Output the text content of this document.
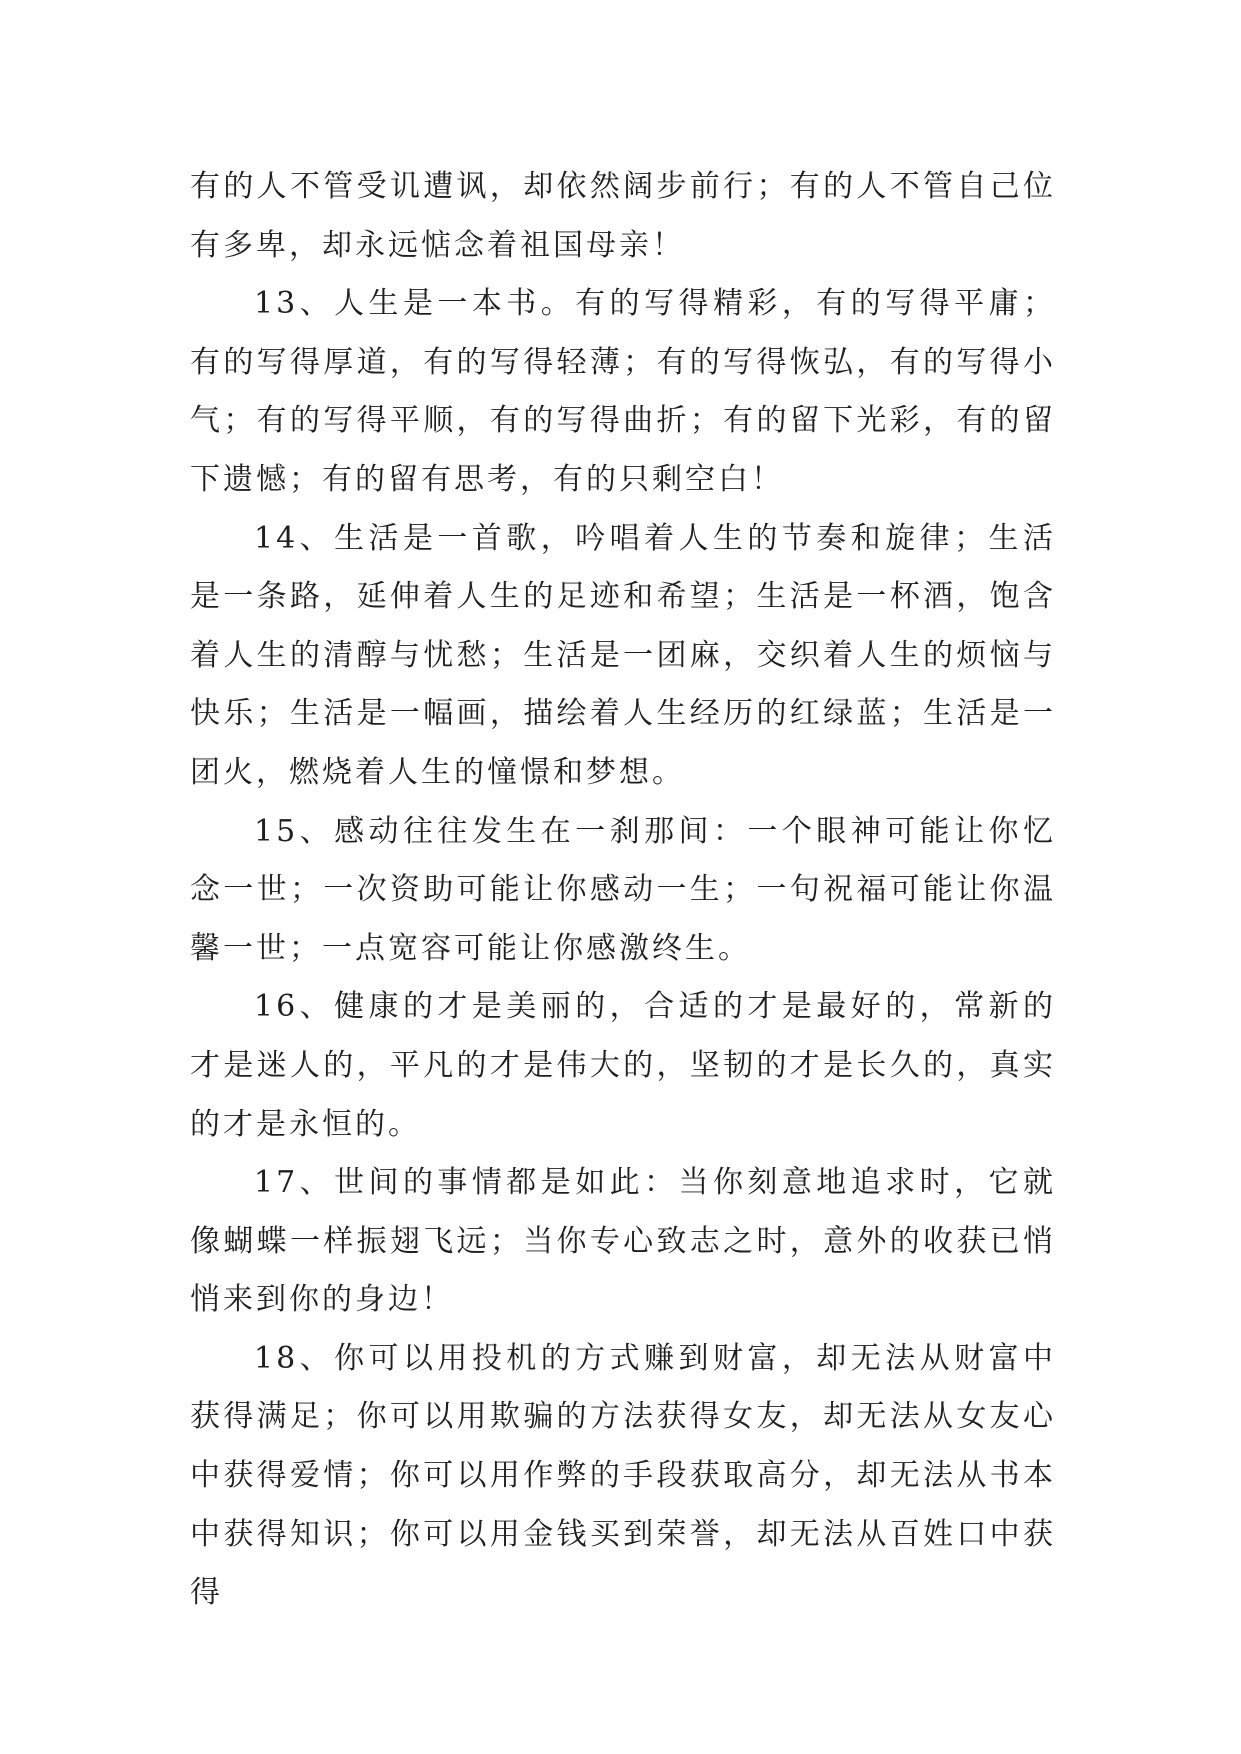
有的人不管受讥遭讽，却依然阔步前行；有的人不管自己位有多卑，却永远惦念着祖国母亲！

13、人生是一本书。有的写得精彩，有的写得平庸；有的写得厚道，有的写得轻薄；有的写得恢弘，有的写得小气；有的写得平顺，有的写得曲折；有的留下光彩，有的留下遗憾；有的留有思考，有的只剩空白！

14、生活是一首歌，吟唱着人生的节奏和旋律；生活是一条路，延伸着人生的足迹和希望；生活是一杯酒，饱含着人生的清醇与忧愁；生活是一团麻，交织着人生的烦恼与快乐；生活是一幅画，描绘着人生经历的红绿蓝；生活是一团火，燃烧着人生的憧憬和梦想。

15、感动往往发生在一刹那间：一个眼神可能让你忆念一世；一次资助可能让你感动一生；一句祝福可能让你温馨一世；一点宽容可能让你感激终生。

16、健康的才是美丽的，合适的才是最好的，常新的才是迷人的，平凡的才是伟大的，坚韧的才是长久的，真实的才是永恒的。

17、世间的事情都是如此：当你刻意地追求时，它就像蝴蝶一样振翅飞远；当你专心致志之时，意外的收获已悄悄来到你的身边！

18、你可以用投机的方式赚到财富，却无法从财富中获得满足；你可以用欺骗的方法获得女友，却无法从女友心中获得爱情；你可以用作弊的手段获取高分，却无法从书本中获得知识；你可以用金钱买到荣誉，却无法从百姓口中获得
